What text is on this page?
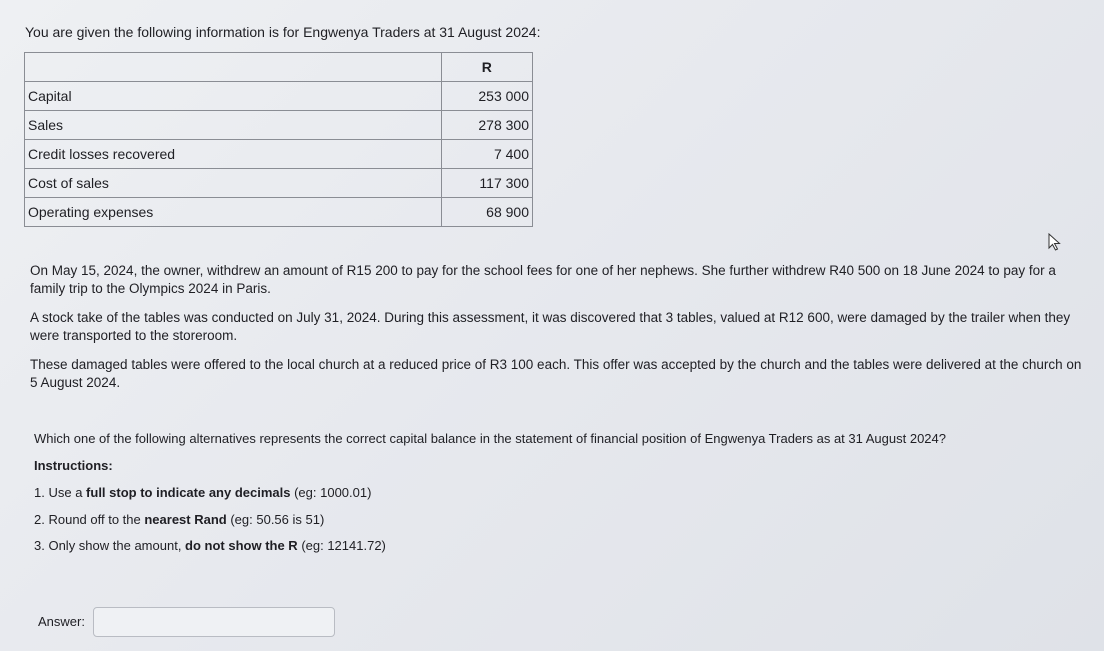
You are given the following information is for Engwenya Traders at 31 August 2024:

	R
Capital	253 000
Sales	278 300
Credit losses recovered	7 400
Cost of sales	117 300
Operating expenses	68 900

On May 15, 2024, the owner, withdrew an amount of R15 200 to pay for the school fees for one of her nephews. She further withdrew R40 500 on 18 June 2024 to pay for a family trip to the Olympics 2024 in Paris.

A stock take of the tables was conducted on July 31, 2024. During this assessment, it was discovered that 3 tables, valued at R12 600, were damaged by the trailer when they were transported to the storeroom.

These damaged tables were offered to the local church at a reduced price of R3 100 each. This offer was accepted by the church and the tables were delivered at the church on 5 August 2024.

Which one of the following alternatives represents the correct capital balance in the statement of financial position of Engwenya Traders as at 31 August 2024?

Instructions:

1. Use a full stop to indicate any decimals (eg: 1000.01)
2. Round off to the nearest Rand (eg: 50.56 is 51)
3. Only show the amount, do not show the R (eg: 12141.72)
Answer:
